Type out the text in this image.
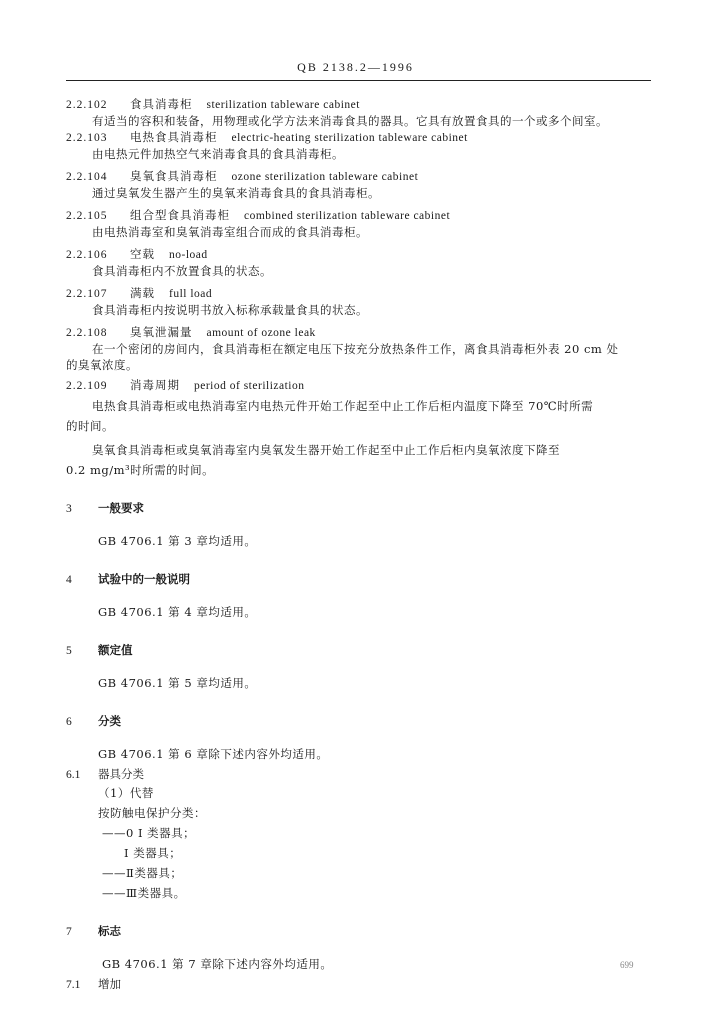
QB 2138.2—1996
2.2.102 食具消毒柜 sterilization tableware cabinet
有适当的容积和装备，用物理或化学方法来消毒食具的器具。它具有放置食具的一个或多个间室。
2.2.103 电热食具消毒柜 electric-heating sterilization tableware cabinet
由电热元件加热空气来消毒食具的食具消毒柜。
2.2.104 臭氧食具消毒柜 ozone sterilization tableware cabinet
通过臭氧发生器产生的臭氧来消毒食具的食具消毒柜。
2.2.105 组合型食具消毒柜 combined sterilization tableware cabinet
由电热消毒室和臭氧消毒室组合而成的食具消毒柜。
2.2.106 空载 no-load
食具消毒柜内不放置食具的状态。
2.2.107 满载 full load
食具消毒柜内按说明书放入标称承载量食具的状态。
2.2.108 臭氧泄漏量 amount of ozone leak
在一个密闭的房间内，食具消毒柜在额定电压下按充分放热条件工作，离食具消毒柜外表 20 cm 处
的臭氧浓度。
2.2.109 消毒周期 period of sterilization
电热食具消毒柜或电热消毒室内电热元件开始工作起至中止工作后柜内温度下降至 70℃时所需
的时间。
臭氧食具消毒柜或臭氧消毒室内臭氧发生器开始工作起至中止工作后柜内臭氧浓度下降至
0.2 mg/m³时所需的时间。
3 一般要求
GB 4706.1 第 3 章均适用。
4 试验中的一般说明
GB 4706.1 第 4 章均适用。
5 额定值
GB 4706.1 第 5 章均适用。
6 分类
GB 4706.1 第 6 章除下述内容外均适用。
6.1 器具分类
（1）代替
按防触电保护分类：
——0 I 类器具；
I 类器具；
——Ⅱ类器具；
——Ⅲ类器具。
7 标志
GB 4706.1 第 7 章除下述内容外均适用。
7.1 增加
699
